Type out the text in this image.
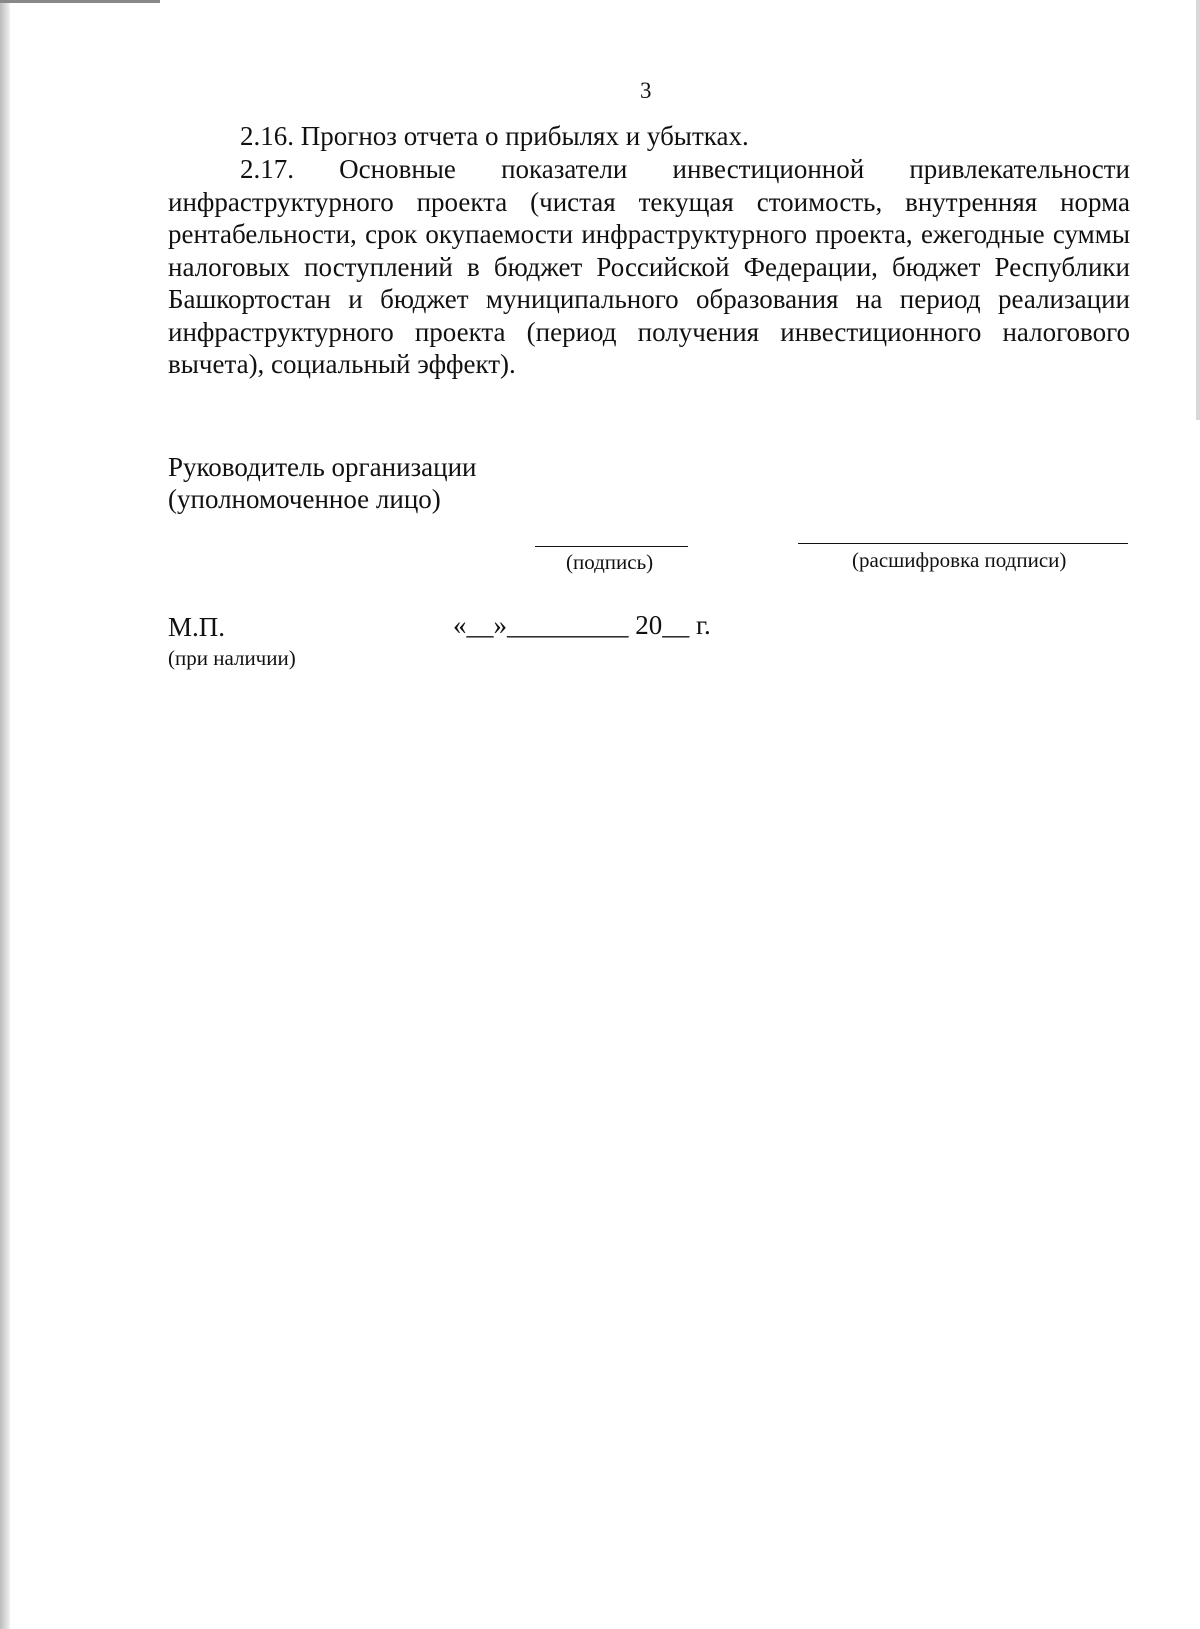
3
2.16. Прогноз отчета о прибылях и убытках.
2.17. Основные показатели инвестиционной привлекательности инфраструктурного проекта (чистая текущая стоимость, внутренняя норма рентабельности, срок окупаемости инфраструктурного проекта, ежегодные суммы налоговых поступлений в бюджет Российской Федерации, бюджет Республики Башкортостан и бюджет муниципального образования на период реализации инфраструктурного проекта (период получения инвестиционного налогового вычета), социальный эффект).
Руководитель организации
(уполномоченное лицо)
(подпись)	(расшифровка подписи)
М.П.
(при наличии)
«__»_________ 20__ г.
